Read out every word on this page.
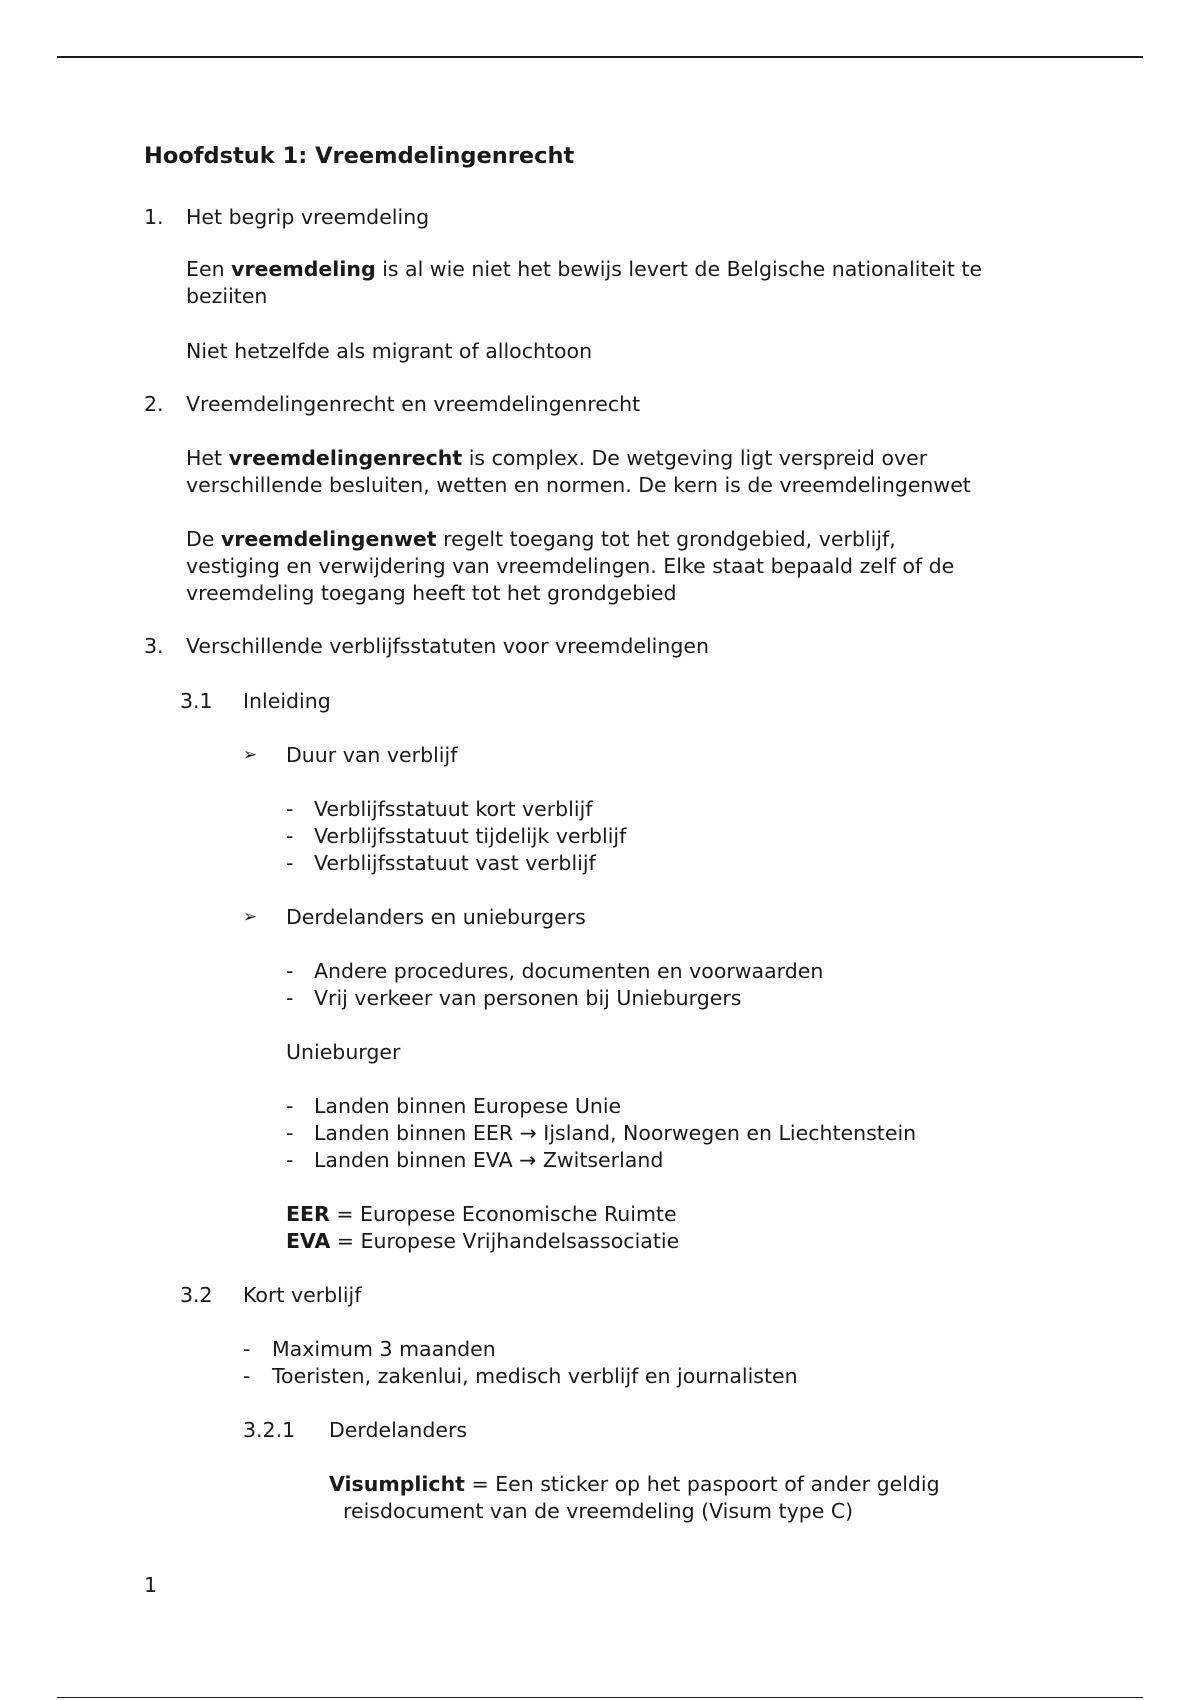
Hoofdstuk 1: Vreemdelingenrecht
1. Het begrip vreemdeling
Een vreemdeling is al wie niet het bewijs levert de Belgische nationaliteit te
beziiten
Niet hetzelfde als migrant of allochtoon
2. Vreemdelingenrecht en vreemdelingenrecht
Het vreemdelingenrecht is complex. De wetgeving ligt verspreid over
verschillende besluiten, wetten en normen. De kern is de vreemdelingenwet
De vreemdelingenwet regelt toegang tot het grondgebied, verblijf,
vestiging en verwijdering van vreemdelingen. Elke staat bepaald zelf of de
vreemdeling toegang heeft tot het grondgebied
3. Verschillende verblijfsstatuten voor vreemdelingen
3.1 Inleiding
➢ Duur van verblijf
- Verblijfsstatuut kort verblijf
- Verblijfsstatuut tijdelijk verblijf
- Verblijfsstatuut vast verblijf
➢ Derdelanders en unieburgers
- Andere procedures, documenten en voorwaarden
- Vrij verkeer van personen bij Unieburgers
Unieburger
- Landen binnen Europese Unie
- Landen binnen EER → Ijsland, Noorwegen en Liechtenstein
- Landen binnen EVA → Zwitserland
EER = Europese Economische Ruimte
EVA = Europese Vrijhandelsassociatie
3.2 Kort verblijf
- Maximum 3 maanden
- Toeristen, zakenlui, medisch verblijf en journalisten
3.2.1 Derdelanders
Visumplicht = Een sticker op het paspoort of ander geldig
reisdocument van de vreemdeling (Visum type C)
1
